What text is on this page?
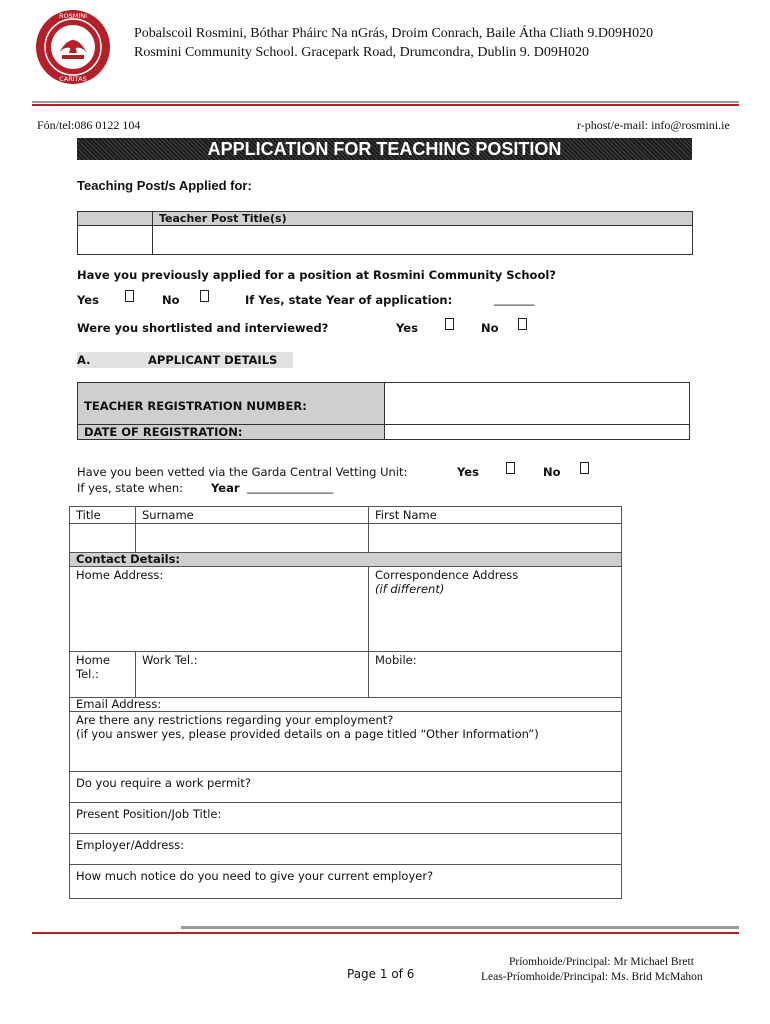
ROSMINI
CARITAS
Pobalscoil Rosmini, Bóthar Pháirc Na nGrás, Droim Conrach, Baile Átha Cliath 9.D09H020
Rosmini Community School. Gracepark Road, Drumcondra, Dublin 9. D09H020
Fón/tel:086 0122 104	r-phost/e-mail: info@rosmini.ie
APPLICATION FOR TEACHING POSITION
Teaching Post/s Applied for:
	Teacher Post Title(s)

Have you previously applied for a position at Rosmini Community School?
Yes	No	If Yes, state Year of application:	_______
Were you shortlisted and interviewed?	Yes	No
A.	APPLICANT DETAILS
TEACHER REGISTRATION NUMBER:	
DATE OF REGISTRATION:	
Have you been vetted via the Garda Central Vetting Unit:	Yes	No
If yes, state when: Year _______________
Title	Surname	First Name

Contact Details:		
Home Address:		Correspondence Address
(if different)

Home Tel.:	Work Tel.:	Mobile:
Email Address:		

Are there any restrictions regarding your employment?
(if you answer yes, please provided details on a page titled “Other Information”)		

Do you require a work permit?		
Present Position/Job Title:		
Employer/Address:		
How much notice do you need to give your current employer?		
Page 1 of 6
Príomhoide/Principal: Mr Michael Brett
Leas-Príomhoide/Principal: Ms. Brid McMahon
